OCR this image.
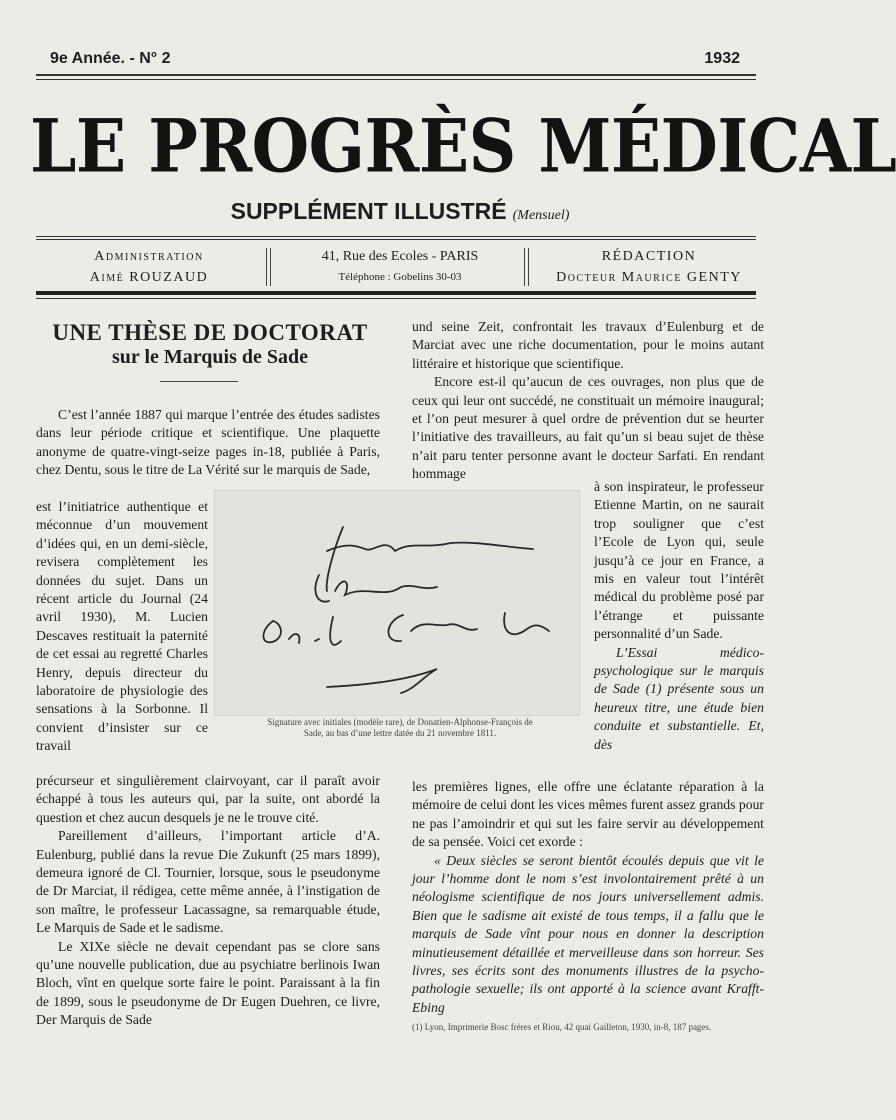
9e Année. - N° 2	1932
LE PROGRÈS MÉDICAL
SUPPLÉMENT ILLUSTRÉ (Mensuel)
Administration
Aimé ROUZAUD
41, Rue des Ecoles - PARIS
Téléphone : Gobelins 30-03
RÉDACTION
Docteur Maurice GENTY
UNE THÈSE DE DOCTORAT
sur le Marquis de Sade

C’est l’année 1887 qui marque l’entrée des études sadistes dans leur période critique et scientifique. Une plaquette anonyme de quatre-vingt-seize pages in-18, publiée à Paris, chez Dentu, sous le titre de La Vérité sur le marquis de Sade,

est l’initiatrice authentique et méconnue d’un mouvement d’idées qui, en un demi-siècle, revisera complètement les données du sujet. Dans un récent article du Journal (24 avril 1930), M. Lucien Descaves restituait la paternité de cet essai au regretté Charles Henry, depuis directeur du laboratoire de physiologie des sensations à la Sorbonne. Il convient d’insister sur ce travail

précurseur et singulièrement clairvoyant, car il paraît avoir échappé à tous les auteurs qui, par la suite, ont abordé la question et chez aucun desquels je ne le trouve cité.

Pareillement d’ailleurs, l’important article d’A. Eulenburg, publié dans la revue Die Zukunft (25 mars 1899), demeura ignoré de Cl. Tournier, lorsque, sous le pseudonyme de Dr Marciat, il rédigea, cette même année, à l’instigation de son maître, le professeur Lacassagne, sa remarquable étude, Le Marquis de Sade et le sadisme.

Le XIXe siècle ne devait cependant pas se clore sans qu’une nouvelle publication, due au psychiatre berlinois Iwan Bloch, vînt en quelque sorte faire le point. Paraissant à la fin de 1899, sous le pseudonyme de Dr Eugen Duehren, ce livre, Der Marquis de Sade

und seine Zeit, confrontait les travaux d’Eulenburg et de Marciat avec une riche documentation, pour le moins autant littéraire et historique que scientifique.

Encore est-il qu’aucun de ces ouvrages, non plus que de ceux qui leur ont succédé, ne constituait un mémoire inaugural; et l’on peut mesurer à quel ordre de prévention dut se heurter l’initiative des travailleurs, au fait qu’un si beau sujet de thèse n’ait paru tenter personne avant le docteur Sarfati. En rendant hommage

à son inspirateur, le professeur Etienne Martin, on ne saurait trop souligner que c’est l’Ecole de Lyon qui, seule jusqu’à ce jour en France, a mis en valeur tout l’intérêt médical du problème posé par l’étrange et puissante personnalité d’un Sade.

L’Essai médico-psychologique sur le marquis de Sade (1) présente sous un heureux titre, une étude bien conduite et substantielle. Et, dès

les premières lignes, elle offre une éclatante réparation à la mémoire de celui dont les vices mêmes furent assez grands pour ne pas l’amoindrir et qui sut les faire servir au développement de sa pensée. Voici cet exorde :

« Deux siècles se seront bientôt écoulés depuis que vit le jour l’homme dont le nom s’est involontairement prêté à un néologisme scientifique de nos jours universellement admis. Bien que le sadisme ait existé de tous temps, il a fallu que le marquis de Sade vînt pour nous en donner la description minutieusement détaillée et merveilleuse dans son horreur. Ses livres, ses écrits sont des monuments illustres de la psycho-pathologie sexuelle; ils ont apporté à la science avant Krafft-Ebing

Signature avec initiales (modèle rare), de Donatien-Alphonse-François de Sade, au bas d’une lettre datée du 21 novembre 1811.
(1) Lyon, Imprimerie Bosc frères et Riou, 42 quai Gailleton, 1930, in-8, 187 pages.
